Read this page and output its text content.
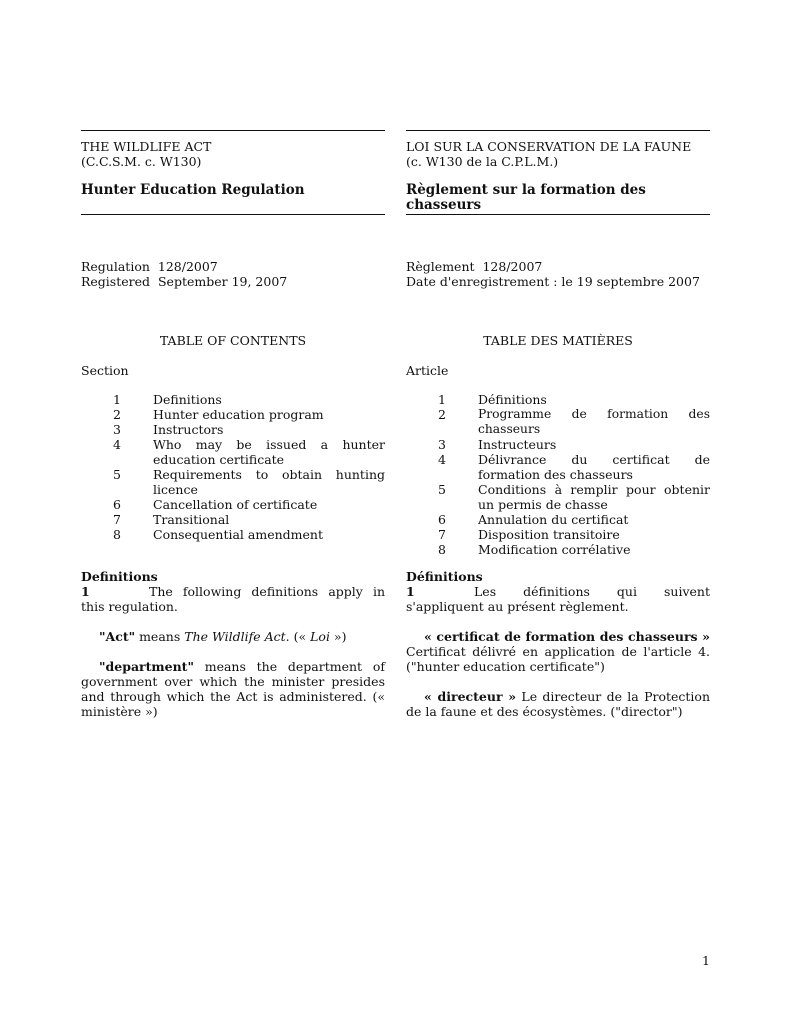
THE WILDLIFE ACT
(C.C.S.M. c. W130)
Hunter Education Regulation
Regulation 128/2007
Registered September 19, 2007
TABLE OF CONTENTS
Section
1	Definitions
2	Hunter education program
3	Instructors
4	Who may be issued a hunter education certificate
5	Requirements to obtain hunting licence
6	Cancellation of certificate
7	Transitional
8	Consequential amendment
Definitions
1	The following definitions apply in this regulation.
"Act" means The Wildlife Act. (« Loi »)
"department" means the department of government over which the minister presides and through which the Act is administered. (« ministère »)
LOI SUR LA CONSERVATION DE LA FAUNE
(c. W130 de la C.P.L.M.)
Règlement sur la formation des chasseurs
Règlement 128/2007
Date d'enregistrement : le 19 septembre 2007
TABLE DES MATIÈRES
Article
1	Définitions
2	Programme de formation des chasseurs
3	Instructeurs
4	Délivrance du certificat de formation des chasseurs
5	Conditions à remplir pour obtenir un permis de chasse
6	Annulation du certificat
7	Disposition transitoire
8	Modification corrélative
Définitions
1	Les définitions qui suivent s'appliquent au présent règlement.
« certificat de formation des chasseurs » Certificat délivré en application de l'article 4. ("hunter education certificate")
« directeur » Le directeur de la Protection de la faune et des écosystèmes. ("director")
1
